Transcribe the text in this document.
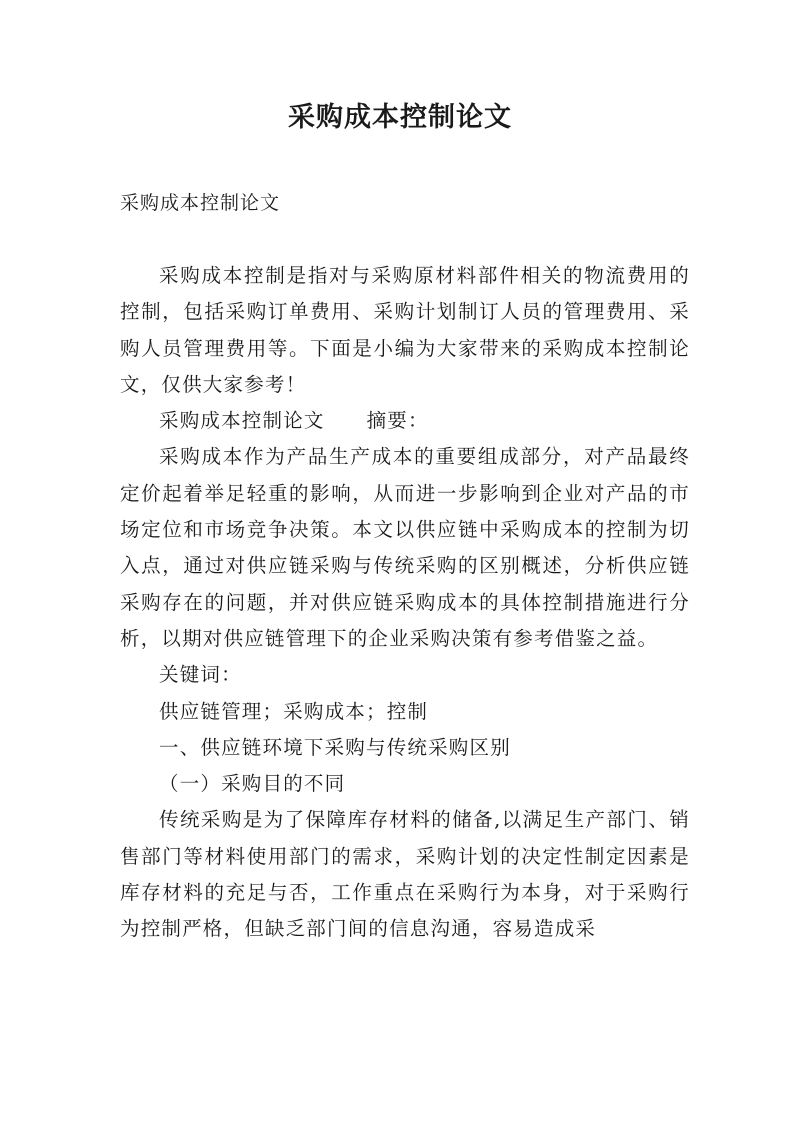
采购成本控制论文

采购成本控制论文

采购成本控制是指对与采购原材料部件相关的物流费用的控制，包括采购订单费用、采购计划制订人员的管理费用、采购人员管理费用等。下面是小编为大家带来的采购成本控制论文，仅供大家参考！

采购成本控制论文 摘要：

采购成本作为产品生产成本的重要组成部分，对产品最终定价起着举足轻重的影响，从而进一步影响到企业对产品的市场定位和市场竞争决策。本文以供应链中采购成本的控制为切入点，通过对供应链采购与传统采购的区别概述，分析供应链采购存在的问题，并对供应链采购成本的具体控制措施进行分析，以期对供应链管理下的企业采购决策有参考借鉴之益。

关键词：

供应链管理；采购成本；控制

一、供应链环境下采购与传统采购区别

（一）采购目的不同

传统采购是为了保障库存材料的储备,以满足生产部门、销售部门等材料使用部门的需求，采购计划的决定性制定因素是库存材料的充足与否，工作重点在采购行为本身，对于采购行为控制严格，但缺乏部门间的信息沟通，容易造成采
